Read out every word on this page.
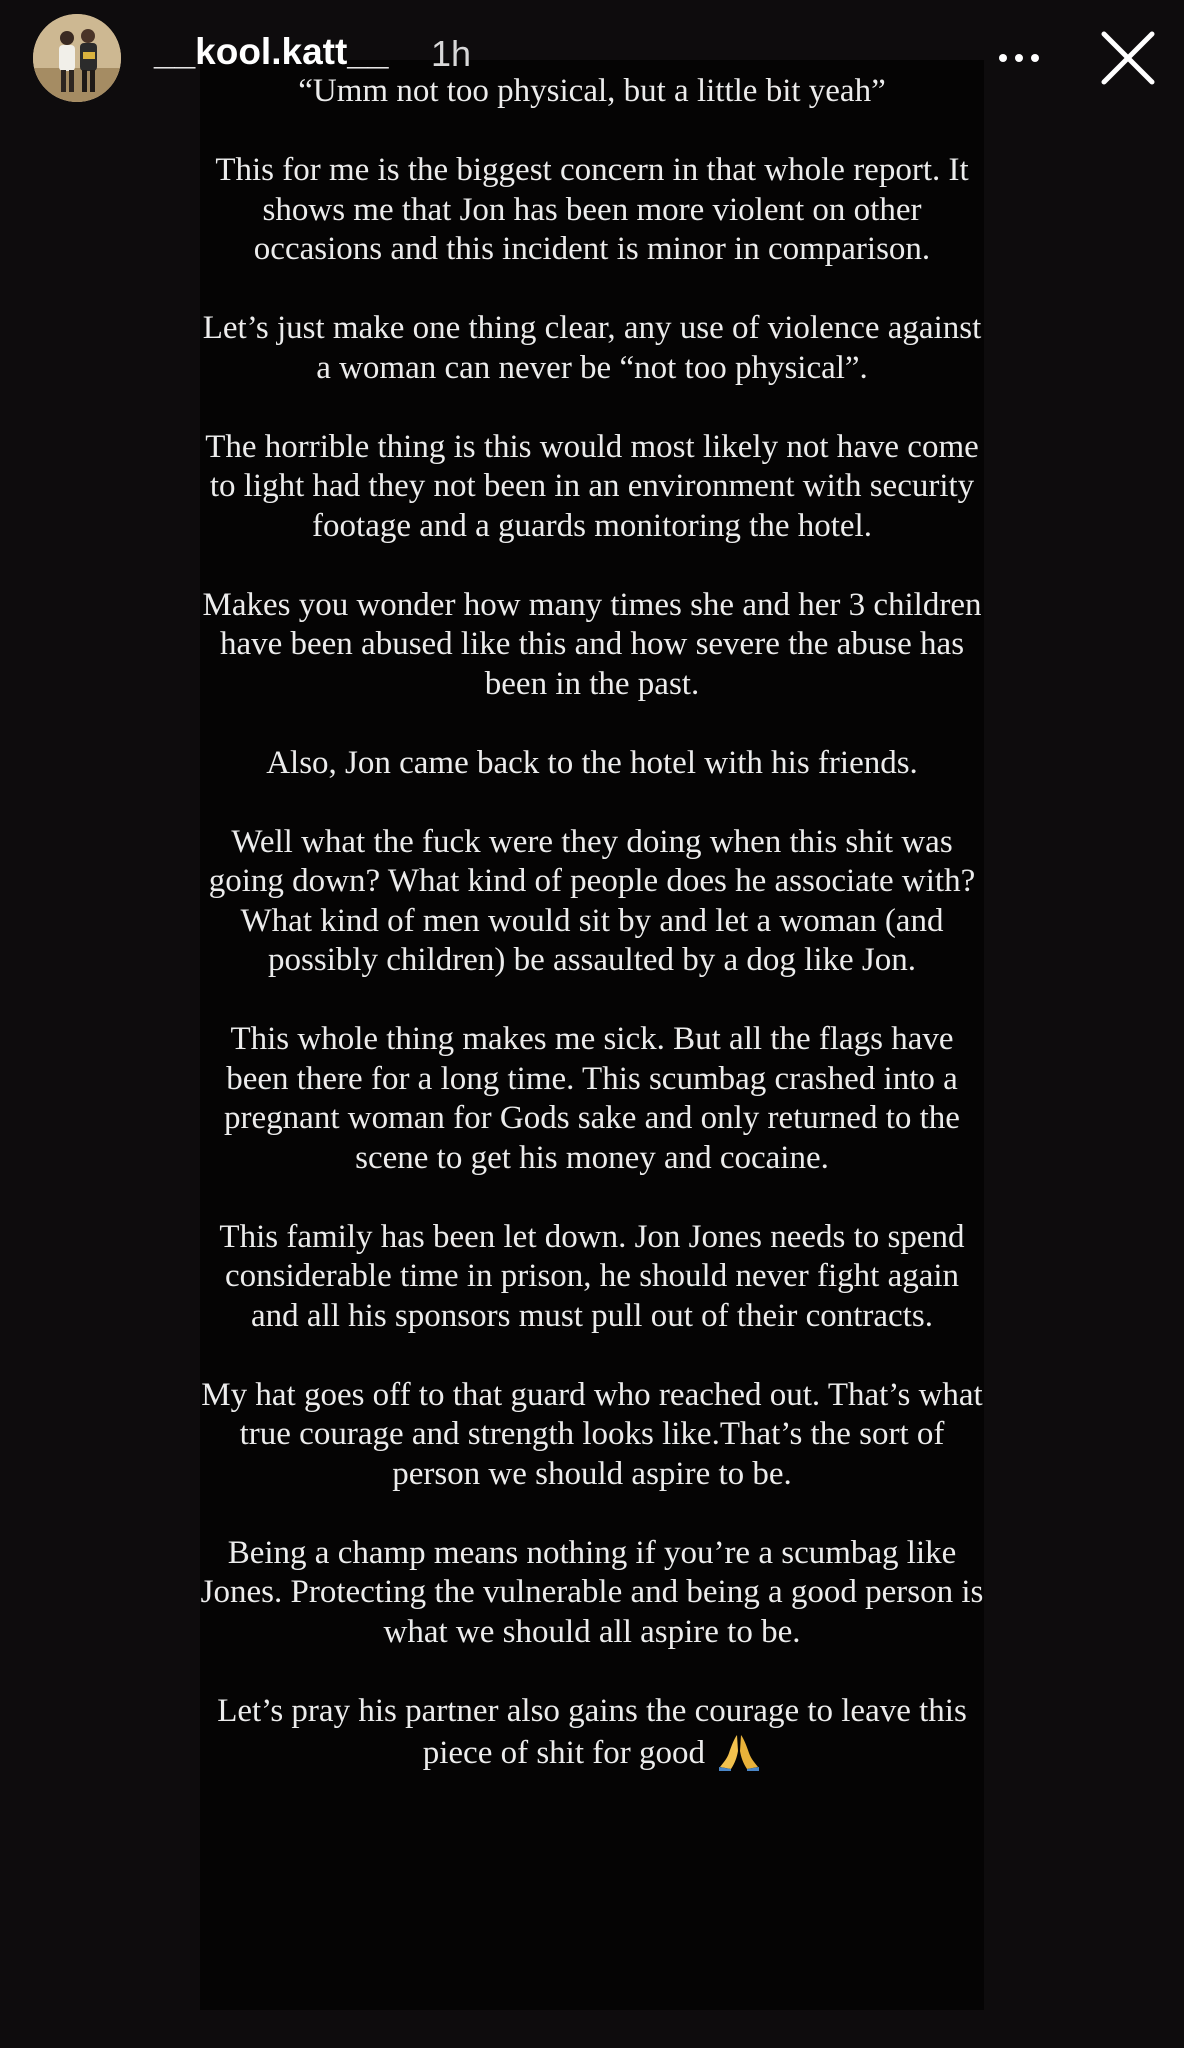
__kool.katt__ 1h

“Umm not too physical, but a little bit yeah”

This for me is the biggest concern in that whole report. It shows me that Jon has been more violent on other occasions and this incident is minor in comparison.

Let’s just make one thing clear, any use of violence against a woman can never be “not too physical”.

The horrible thing is this would most likely not have come to light had they not been in an environment with security footage and a guards monitoring the hotel.

Makes you wonder how many times she and her 3 children have been abused like this and how severe the abuse has been in the past.

Also, Jon came back to the hotel with his friends.

Well what the fuck were they doing when this shit was going down? What kind of people does he associate with? What kind of men would sit by and let a woman (and possibly children) be assaulted by a dog like Jon.

This whole thing makes me sick. But all the flags have been there for a long time. This scumbag crashed into a pregnant woman for Gods sake and only returned to the scene to get his money and cocaine.

This family has been let down. Jon Jones needs to spend considerable time in prison, he should never fight again and all his sponsors must pull out of their contracts.

My hat goes off to that guard who reached out. That’s what true courage and strength looks like.That’s the sort of person we should aspire to be.

Being a champ means nothing if you’re a scumbag like Jones. Protecting the vulnerable and being a good person is what we should all aspire to be.

Let’s pray his partner also gains the courage to leave this piece of shit for good
